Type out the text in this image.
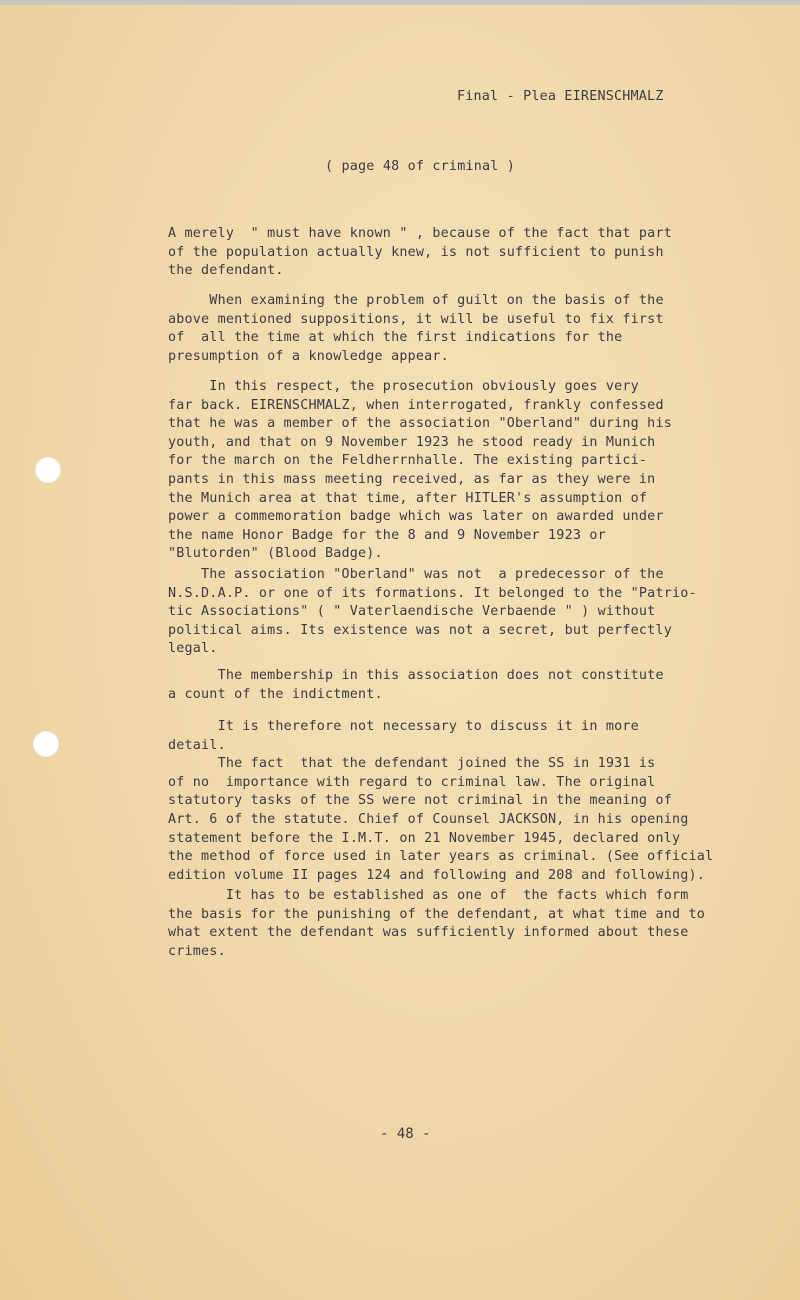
Final - Plea EIRENSCHMALZ
( page 48 of criminal )
A merely  " must have known " , because of the fact that part
of the population actually knew, is not sufficient to punish
the defendant.
When examining the problem of guilt on the basis of the
above mentioned suppositions, it will be useful to fix first
of  all the time at which the first indications for the
presumption of a knowledge appear.
In this respect, the prosecution obviously goes very
far back. EIRENSCHMALZ, when interrogated, frankly confessed
that he was a member of the association "Oberland" during his
youth, and that on 9 November 1923 he stood ready in Munich
for the march on the Feldherrnhalle. The existing partici-
pants in this mass meeting received, as far as they were in
the Munich area at that time, after HITLER's assumption of
power a commemoration badge which was later on awarded under
the name Honor Badge for the 8 and 9 November 1923 or
"Blutorden" (Blood Badge).
The association "Oberland" was not  a predecessor of the
N.S.D.A.P. or one of its formations. It belonged to the "Patrio-
tic Associations" ( " Vaterlaendische Verbaende " ) without
political aims. Its existence was not a secret, but perfectly
legal.
The membership in this association does not constitute
a count of the indictment.
It is therefore not necessary to discuss it in more
detail.
The fact  that the defendant joined the SS in 1931 is
of no  importance with regard to criminal law. The original
statutory tasks of the SS were not criminal in the meaning of
Art. 6 of the statute. Chief of Counsel JACKSON, in his opening
statement before the I.M.T. on 21 November 1945, declared only
the method of force used in later years as criminal. (See official
edition volume II pages 124 and following and 208 and following).
It has to be established as one of  the facts which form
the basis for the punishing of the defendant, at what time and to
what extent the defendant was sufficiently informed about these
crimes.
- 48 -
